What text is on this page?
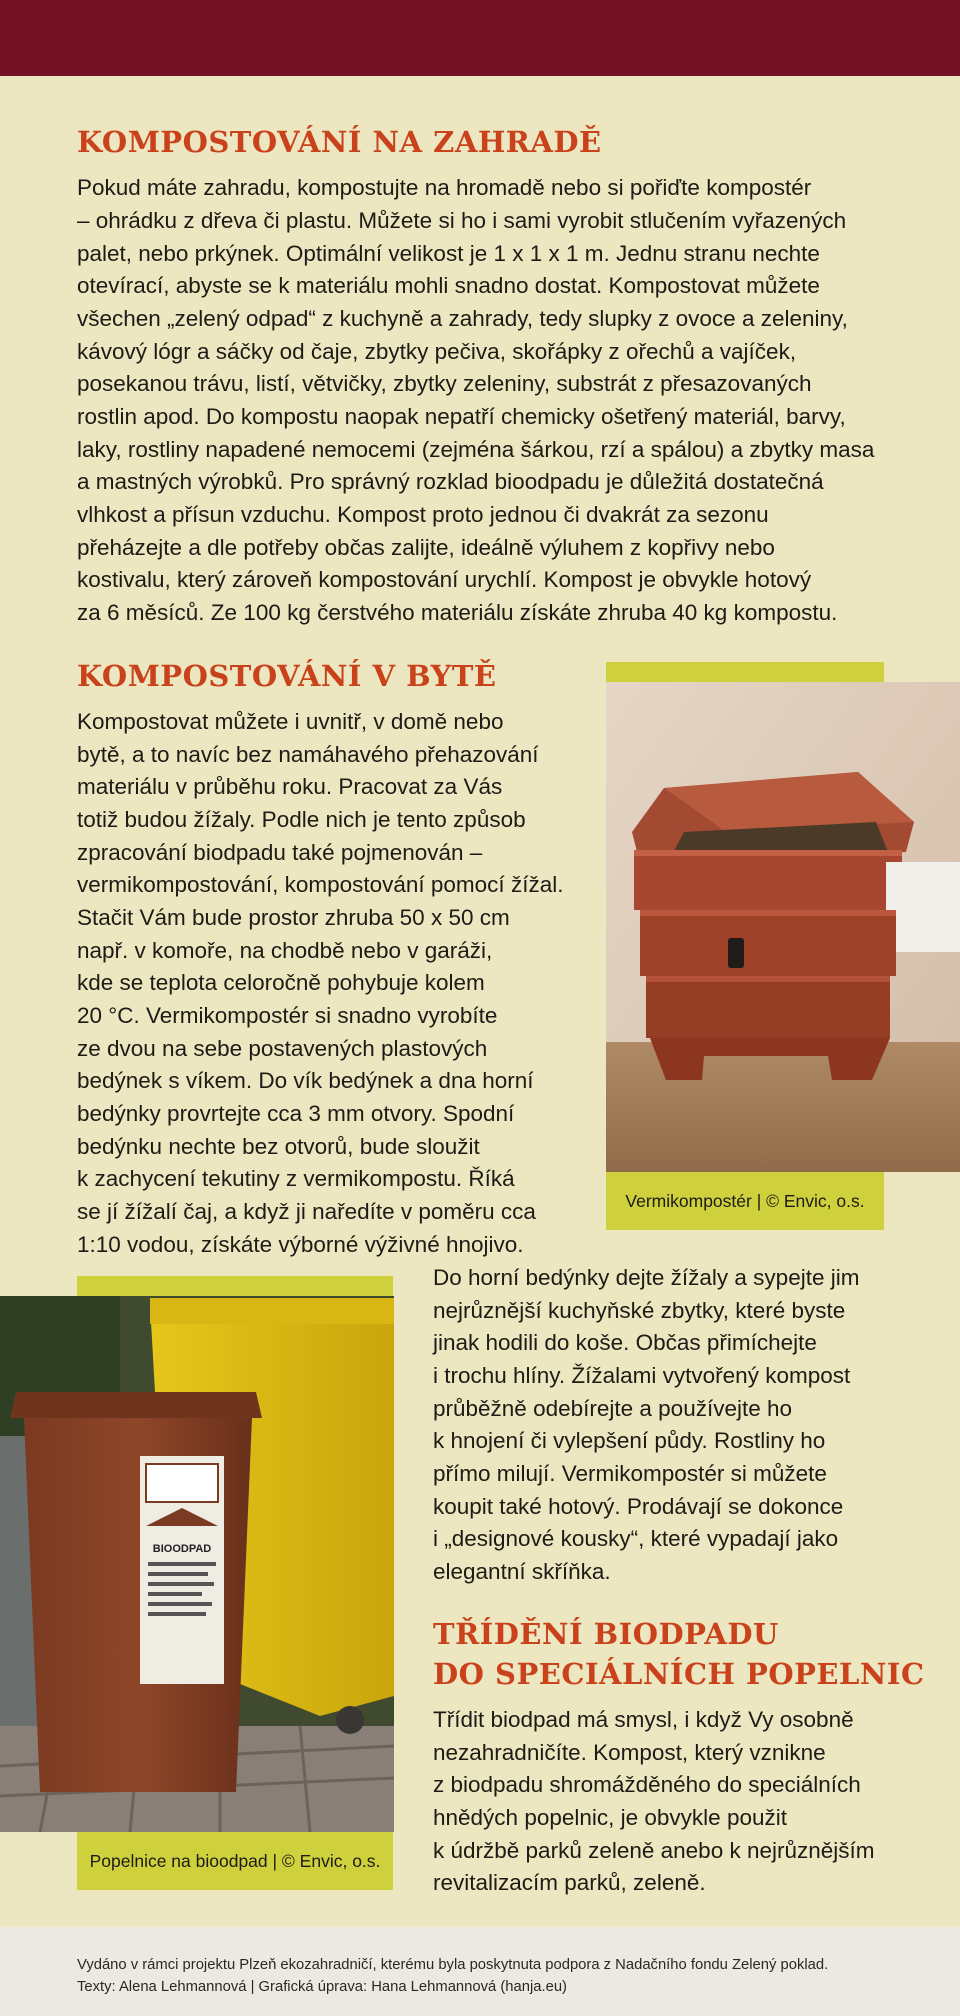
KOMPOSTOVÁNÍ NA ZAHRADĚ

Pokud máte zahradu, kompostujte na hromadě nebo si pořiďte kompostér

– ohrádku z dřeva či plastu. Můžete si ho i sami vyrobit stlučením vyřazených

palet, nebo prkýnek. Optimální velikost je 1 x 1 x 1 m. Jednu stranu nechte

otevírací, abyste se k materiálu mohli snadno dostat. Kompostovat můžete

všechen „zelený odpad“ z kuchyně a zahrady, tedy slupky z ovoce a zeleniny,

kávový lógr a sáčky od čaje, zbytky pečiva, skořápky z ořechů a vajíček,

posekanou trávu, listí, větvičky, zbytky zeleniny, substrát z přesazovaných

rostlin apod. Do kompostu naopak nepatří chemicky ošetřený materiál, barvy,

laky, rostliny napadené nemocemi (zejména šárkou, rzí a spálou) a zbytky masa

a mastných výrobků. Pro správný rozklad bioodpadu je důležitá dostatečná

vlhkost a přísun vzduchu. Kompost proto jednou či dvakrát za sezonu

přeházejte a dle potřeby občas zalijte, ideálně výluhem z kopřivy nebo

kostivalu, který zároveň kompostování urychlí. Kompost je obvykle hotový

za 6 měsíců. Ze 100 kg čerstvého materiálu získáte zhruba 40 kg kompostu.

KOMPOSTOVÁNÍ V BYTĚ
Vermikompostér | © Envic, o.s.

Kompostovat můžete i uvnitř, v domě nebo

bytě, a to navíc bez namáhavého přehazování

materiálu v průběhu roku. Pracovat za Vás

totiž budou žížaly. Podle nich je tento způsob

zpracování biodpadu také pojmenován –

vermikompostování, kompostování pomocí žížal.

Stačit Vám bude prostor zhruba 50 x 50 cm

např. v komoře, na chodbě nebo v garáži,

kde se teplota celoročně pohybuje kolem

20 °C. Vermikompostér si snadno vyrobíte

ze dvou na sebe postavených plastových

bedýnek s víkem. Do vík bedýnek a dna horní

bedýnky provrtejte cca 3 mm otvory. Spodní

bedýnku nechte bez otvorů, bude sloužit

k zachycení tekutiny z vermikompostu. Říká

se jí žížalí čaj, a když ji naředíte v poměru cca

1:10 vodou, získáte výborné výživné hnojivo.

BIOODPAD
Popelnice na bioodpad | © Envic, o.s.

Do horní bedýnky dejte žížaly a sypejte jim

nejrůznější kuchyňské zbytky, které byste

jinak hodili do koše. Občas přimíchejte

i trochu hlíny. Žížalami vytvořený kompost

průběžně odebírejte a používejte ho

k hnojení či vylepšení půdy. Rostliny ho

přímo milují. Vermikompostér si můžete

koupit také hotový. Prodávají se dokonce

i „designové kousky“, které vypadají jako

elegantní skříňka.

TŘÍDĚNÍ BIODPADU
DO SPECIÁLNÍCH POPELNIC

Třídit biodpad má smysl, i když Vy osobně

nezahradničíte. Kompost, který vznikne

z biodpadu shromážděného do speciálních

hnědých popelnic, je obvykle použit

k údržbě parků zeleně anebo k nejrůznějším

revitalizacím parků, zeleně.

Vydáno v rámci projektu Plzeň ekozahradničí, kterému byla poskytnuta podpora z Nadačního fondu Zelený poklad.

Texty: Alena Lehmannová | Grafická úprava: Hana Lehmannová (hanja.eu)
